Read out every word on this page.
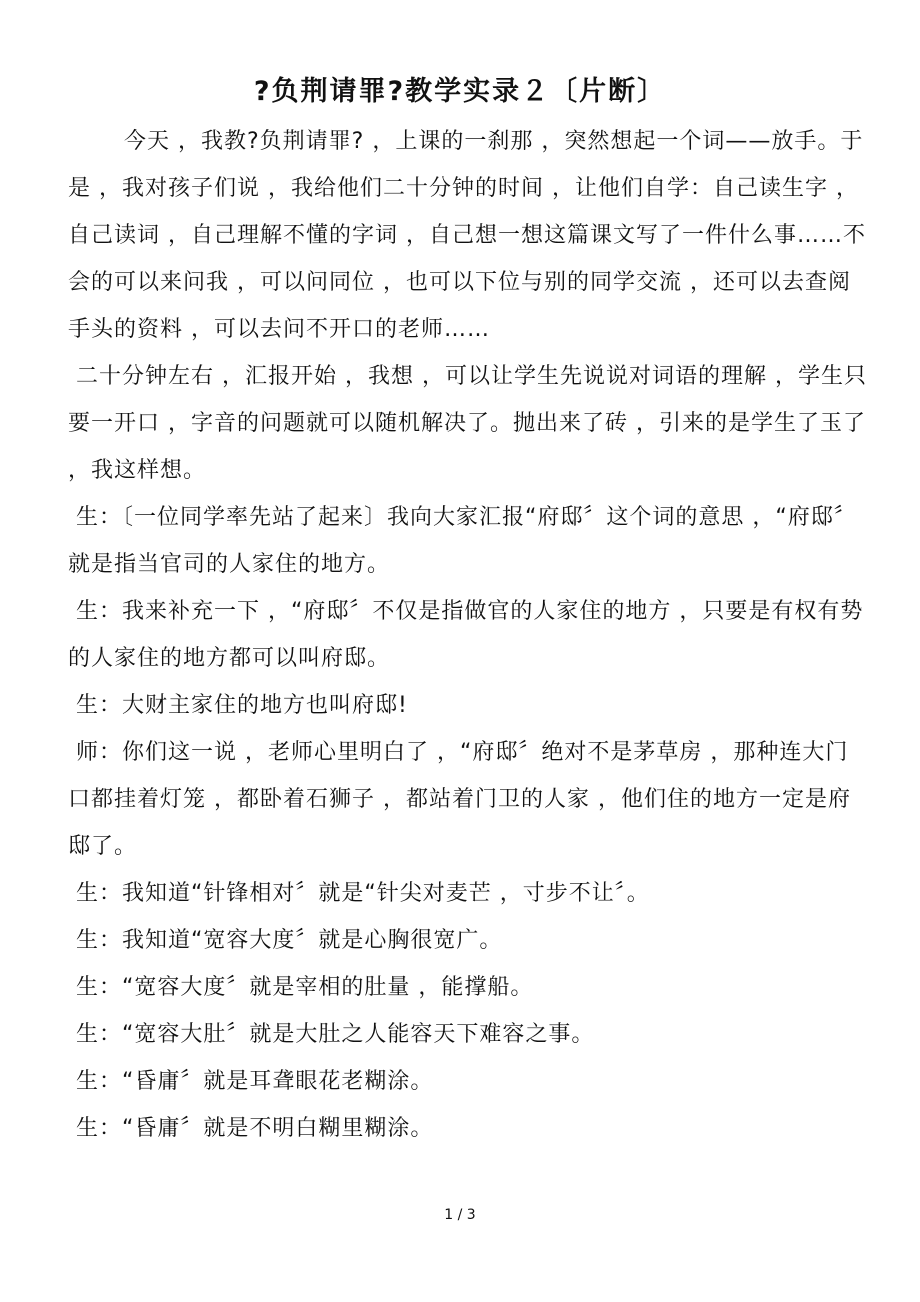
?负荆请罪?教学实录２〔片断〕

今天 ，我教?负荆请罪? ，上课的一刹那 ，突然想起一个词——放手。于是 ，我对孩子们说 ，我给他们二十分钟的时间 ，让他们自学：自己读生字 ，自己读词 ，自己理解不懂的字词 ，自己想一想这篇课文写了一件什么事……不会的可以来问我 ，可以问同位 ，也可以下位与别的同学交流 ，还可以去查阅手头的资料 ，可以去问不开口的老师……

二十分钟左右 ，汇报开始 ，我想 ，可以让学生先说说对词语的理解 ，学生只要一开口 ，字音的问题就可以随机解决了。抛出来了砖 ，引来的是学生了玉了 ，我这样想。

生：〔一位同学率先站了起来〕我向大家汇报“府邸〞这个词的意思 ，“府邸〞就是指当官司的人家住的地方。

生：我来补充一下 ，“府邸〞不仅是指做官的人家住的地方 ，只要是有权有势的人家住的地方都可以叫府邸。

生：大财主家住的地方也叫府邸!

师：你们这一说 ，老师心里明白了 ，“府邸〞绝对不是茅草房 ，那种连大门口都挂着灯笼 ，都卧着石狮子 ，都站着门卫的人家 ，他们住的地方一定是府邸了。

生：我知道“针锋相对〞就是“针尖对麦芒 ，寸步不让〞。

生：我知道“宽容大度〞就是心胸很宽广。

生：“宽容大度〞就是宰相的肚量 ，能撑船。

生：“宽容大肚〞就是大肚之人能容天下难容之事。

生：“昏庸〞就是耳聋眼花老糊涂。

生：“昏庸〞就是不明白糊里糊涂。

1 / 3
